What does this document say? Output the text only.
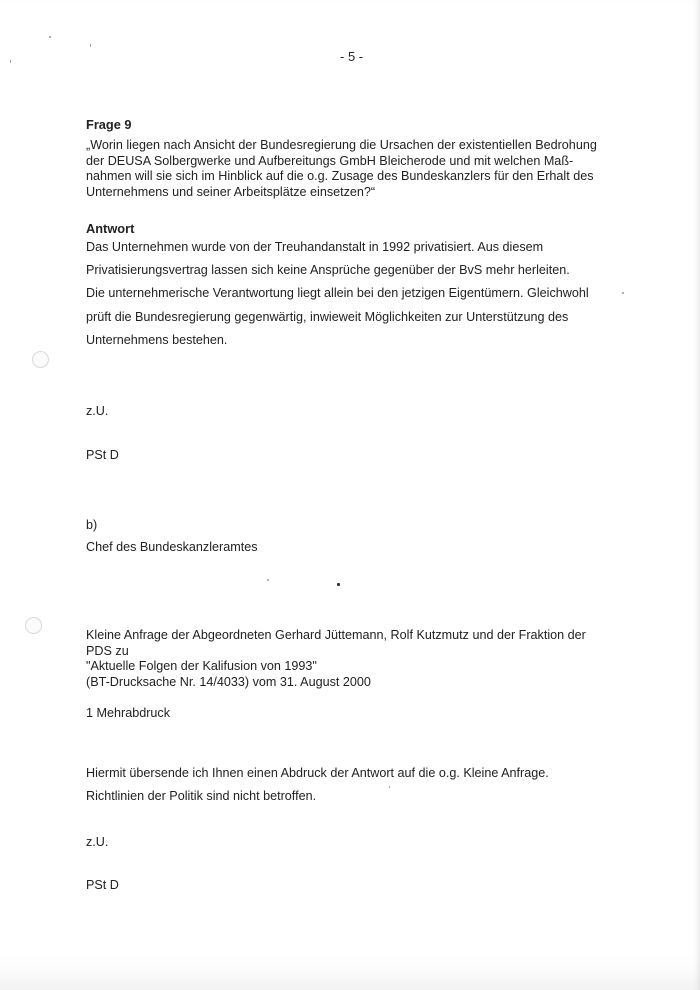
- 5 -
Frage 9
„Worin liegen nach Ansicht der Bundesregierung die Ursachen der existentiellen Bedrohung
der DEUSA Solbergwerke und Aufbereitungs GmbH Bleicherode und mit welchen Maß-
nahmen will sie sich im Hinblick auf die o.g. Zusage des Bundeskanzlers für den Erhalt des
Unternehmens und seiner Arbeitsplätze einsetzen?“
Antwort
Das Unternehmen wurde von der Treuhandanstalt in 1992 privatisiert. Aus diesem
Privatisierungsvertrag lassen sich keine Ansprüche gegenüber der BvS mehr herleiten.
Die unternehmerische Verantwortung liegt allein bei den jetzigen Eigentümern. Gleichwohl
prüft die Bundesregierung gegenwärtig, inwieweit Möglichkeiten zur Unterstützung des
Unternehmens bestehen.
z.U.
PSt D
b)
Chef des Bundeskanzleramtes
Kleine Anfrage der Abgeordneten Gerhard Jüttemann, Rolf Kutzmutz und der Fraktion der
PDS zu
"Aktuelle Folgen der Kalifusion von 1993"
(BT-Drucksache Nr. 14/4033) vom 31. August 2000
1 Mehrabdruck
Hiermit übersende ich Ihnen einen Abdruck der Antwort auf die o.g. Kleine Anfrage.
Richtlinien der Politik sind nicht betroffen.
z.U.
PSt D
